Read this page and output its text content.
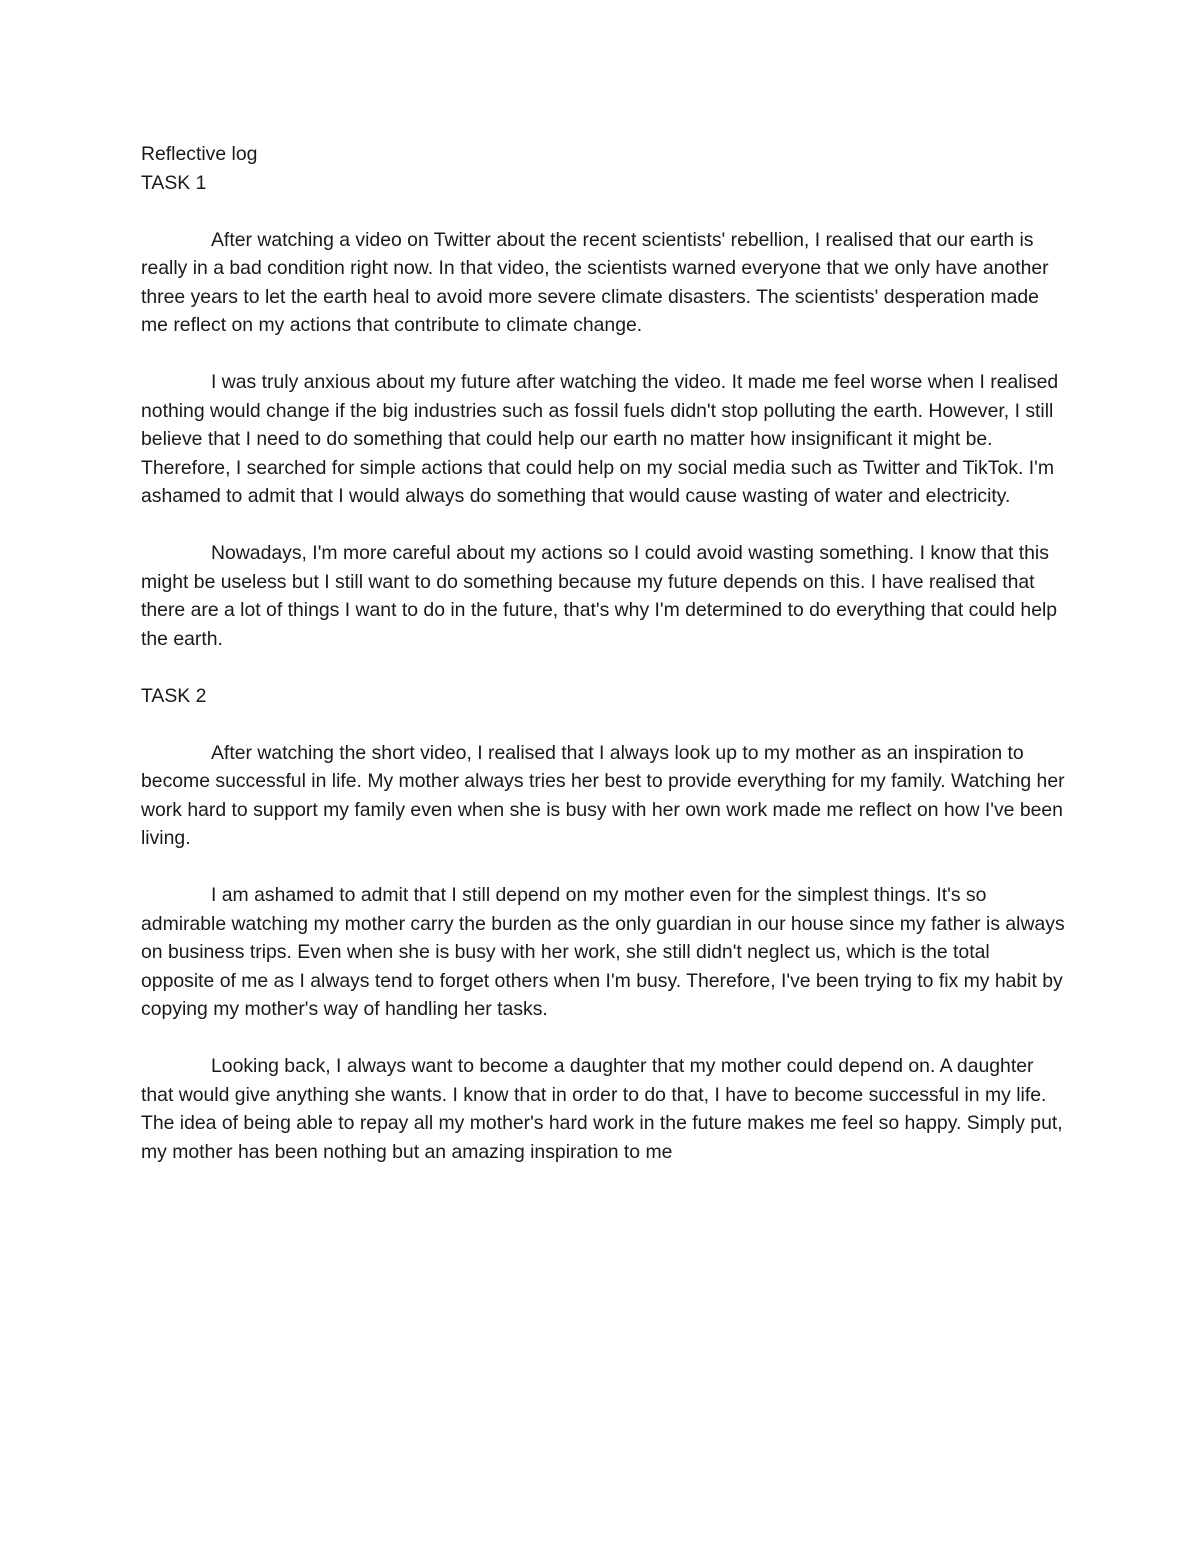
Reflective log

TASK 1

After watching a video on Twitter about the recent scientists' rebellion, I realised that our earth is really in a bad condition right now. In that video, the scientists warned everyone that we only have another three years to let the earth heal to avoid more severe climate disasters. The scientists' desperation made me reflect on my actions that contribute to climate change.

I was truly anxious about my future after watching the video. It made me feel worse when I realised nothing would change if the big industries such as fossil fuels didn't stop polluting the earth. However, I still believe that I need to do something that could help our earth no matter how insignificant it might be. Therefore, I searched for simple actions that could help on my social media such as Twitter and TikTok. I'm ashamed to admit that I would always do something that would cause wasting of water and electricity.

Nowadays, I'm more careful about my actions so I could avoid wasting something. I know that this might be useless but I still want to do something because my future depends on this. I have realised that there are a lot of things I want to do in the future, that's why I'm determined to do everything that could help the earth.

TASK 2

After watching the short video, I realised that I always look up to my mother as an inspiration to become successful in life. My mother always tries her best to provide everything for my family. Watching her work hard to support my family even when she is busy with her own work made me reflect on how I've been living.

I am ashamed to admit that I still depend on my mother even for the simplest things. It's so admirable watching my mother carry the burden as the only guardian in our house since my father is always on business trips. Even when she is busy with her work, she still didn't neglect us, which is the total opposite of me as I always tend to forget others when I'm busy. Therefore, I've been trying to fix my habit by copying my mother's way of handling her tasks.

Looking back, I always want to become a daughter that my mother could depend on. A daughter that would give anything she wants. I know that in order to do that, I have to become successful in my life. The idea of being able to repay all my mother's hard work in the future makes me feel so happy. Simply put, my mother has been nothing but an amazing inspiration to me
